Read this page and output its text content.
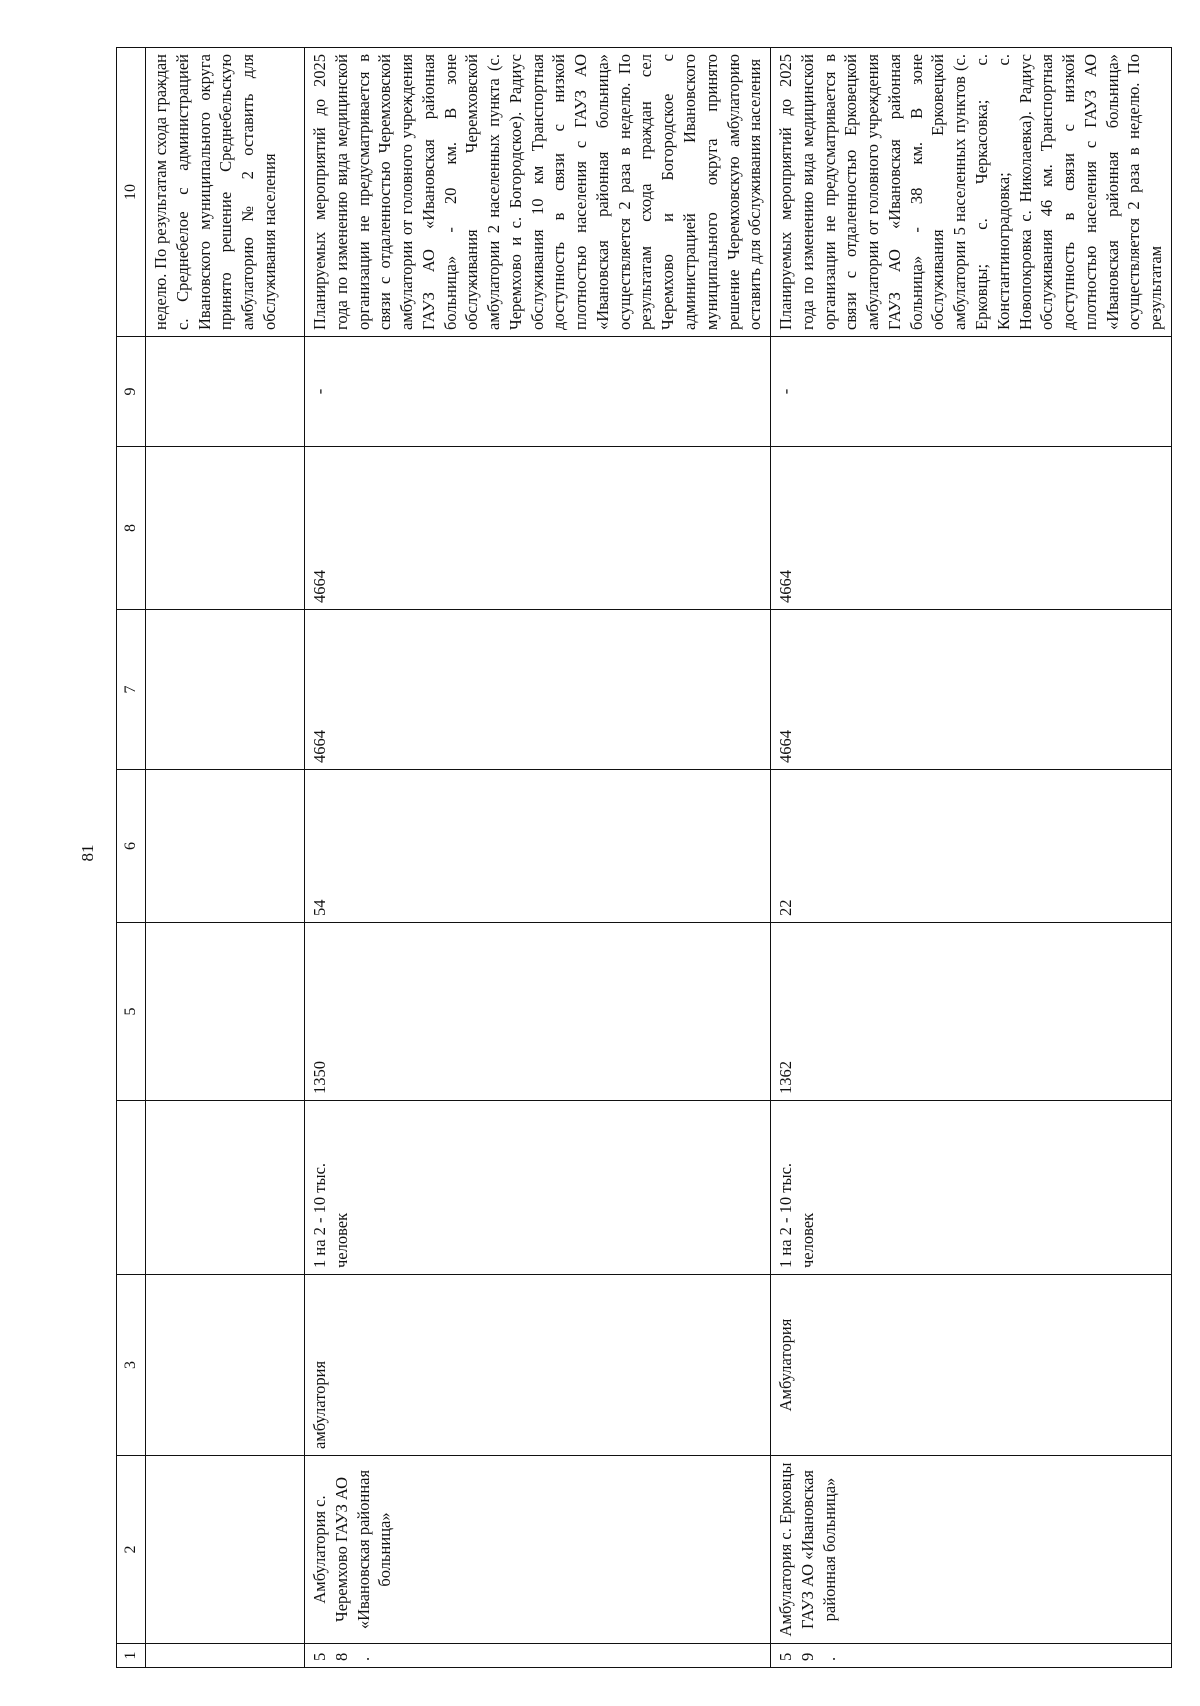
81
1	2	3		5	6	7	8	9	10
									неделю. По результатам схода граждан с. Среднебелое с администрацией Ивановского муниципального округа принято решение Среднебельскую амбулаторию № 2 оставить для обслуживания населения
58.	Амбулатория с. Черемхово ГАУЗ АО «Ивановская районная больница»	амбулатория	1 на 2 - 10 тыс. человек	1350	54	4664	4664	-	Планируемых мероприятий до 2025 года по изменению вида медицинской организации не предусматривается в связи с отдаленностью Черемховской амбулатории от головного учреждения ГАУЗ АО «Ивановская районная больница» - 20 км. В зоне обслуживания Черемховской амбулатории 2 населенных пункта (с. Черемхово и с. Богородское). Радиус обслуживания 10 км Транспортная доступность в связи с низкой плотностью населения с ГАУЗ АО «Ивановская районная больница» осуществляется 2 раза в неделю. По результатам схода граждан сел Черемхово и Богородское с администрацией Ивановского муниципального округа принято решение Черемховскую амбулаторию оставить для обслуживания населения
59.	Амбулатория с. Ерковцы ГАУЗ АО «Ивановская районная больница»	Амбулатория	1 на 2 - 10 тыс. человек	1362	22	4664	4664	-	Планируемых мероприятий до 2025 года по изменению вида медицинской организации не предусматривается в связи с отдаленностью Ерковецкой амбулатории от головного учреждения ГАУЗ АО «Ивановская районная больница» - 38 км. В зоне обслуживания Ерковецкой амбулатории 5 населенных пунктов (с. Ерковцы; с. Черкасовка; с. Константиноградовка; с. Новопокровка с. Николаевка). Радиус обслуживания 46 км. Транспортная доступность в связи с низкой плотностью населения с ГАУЗ АО «Ивановская районная больница» осуществляется 2 раза в неделю. По результатам
